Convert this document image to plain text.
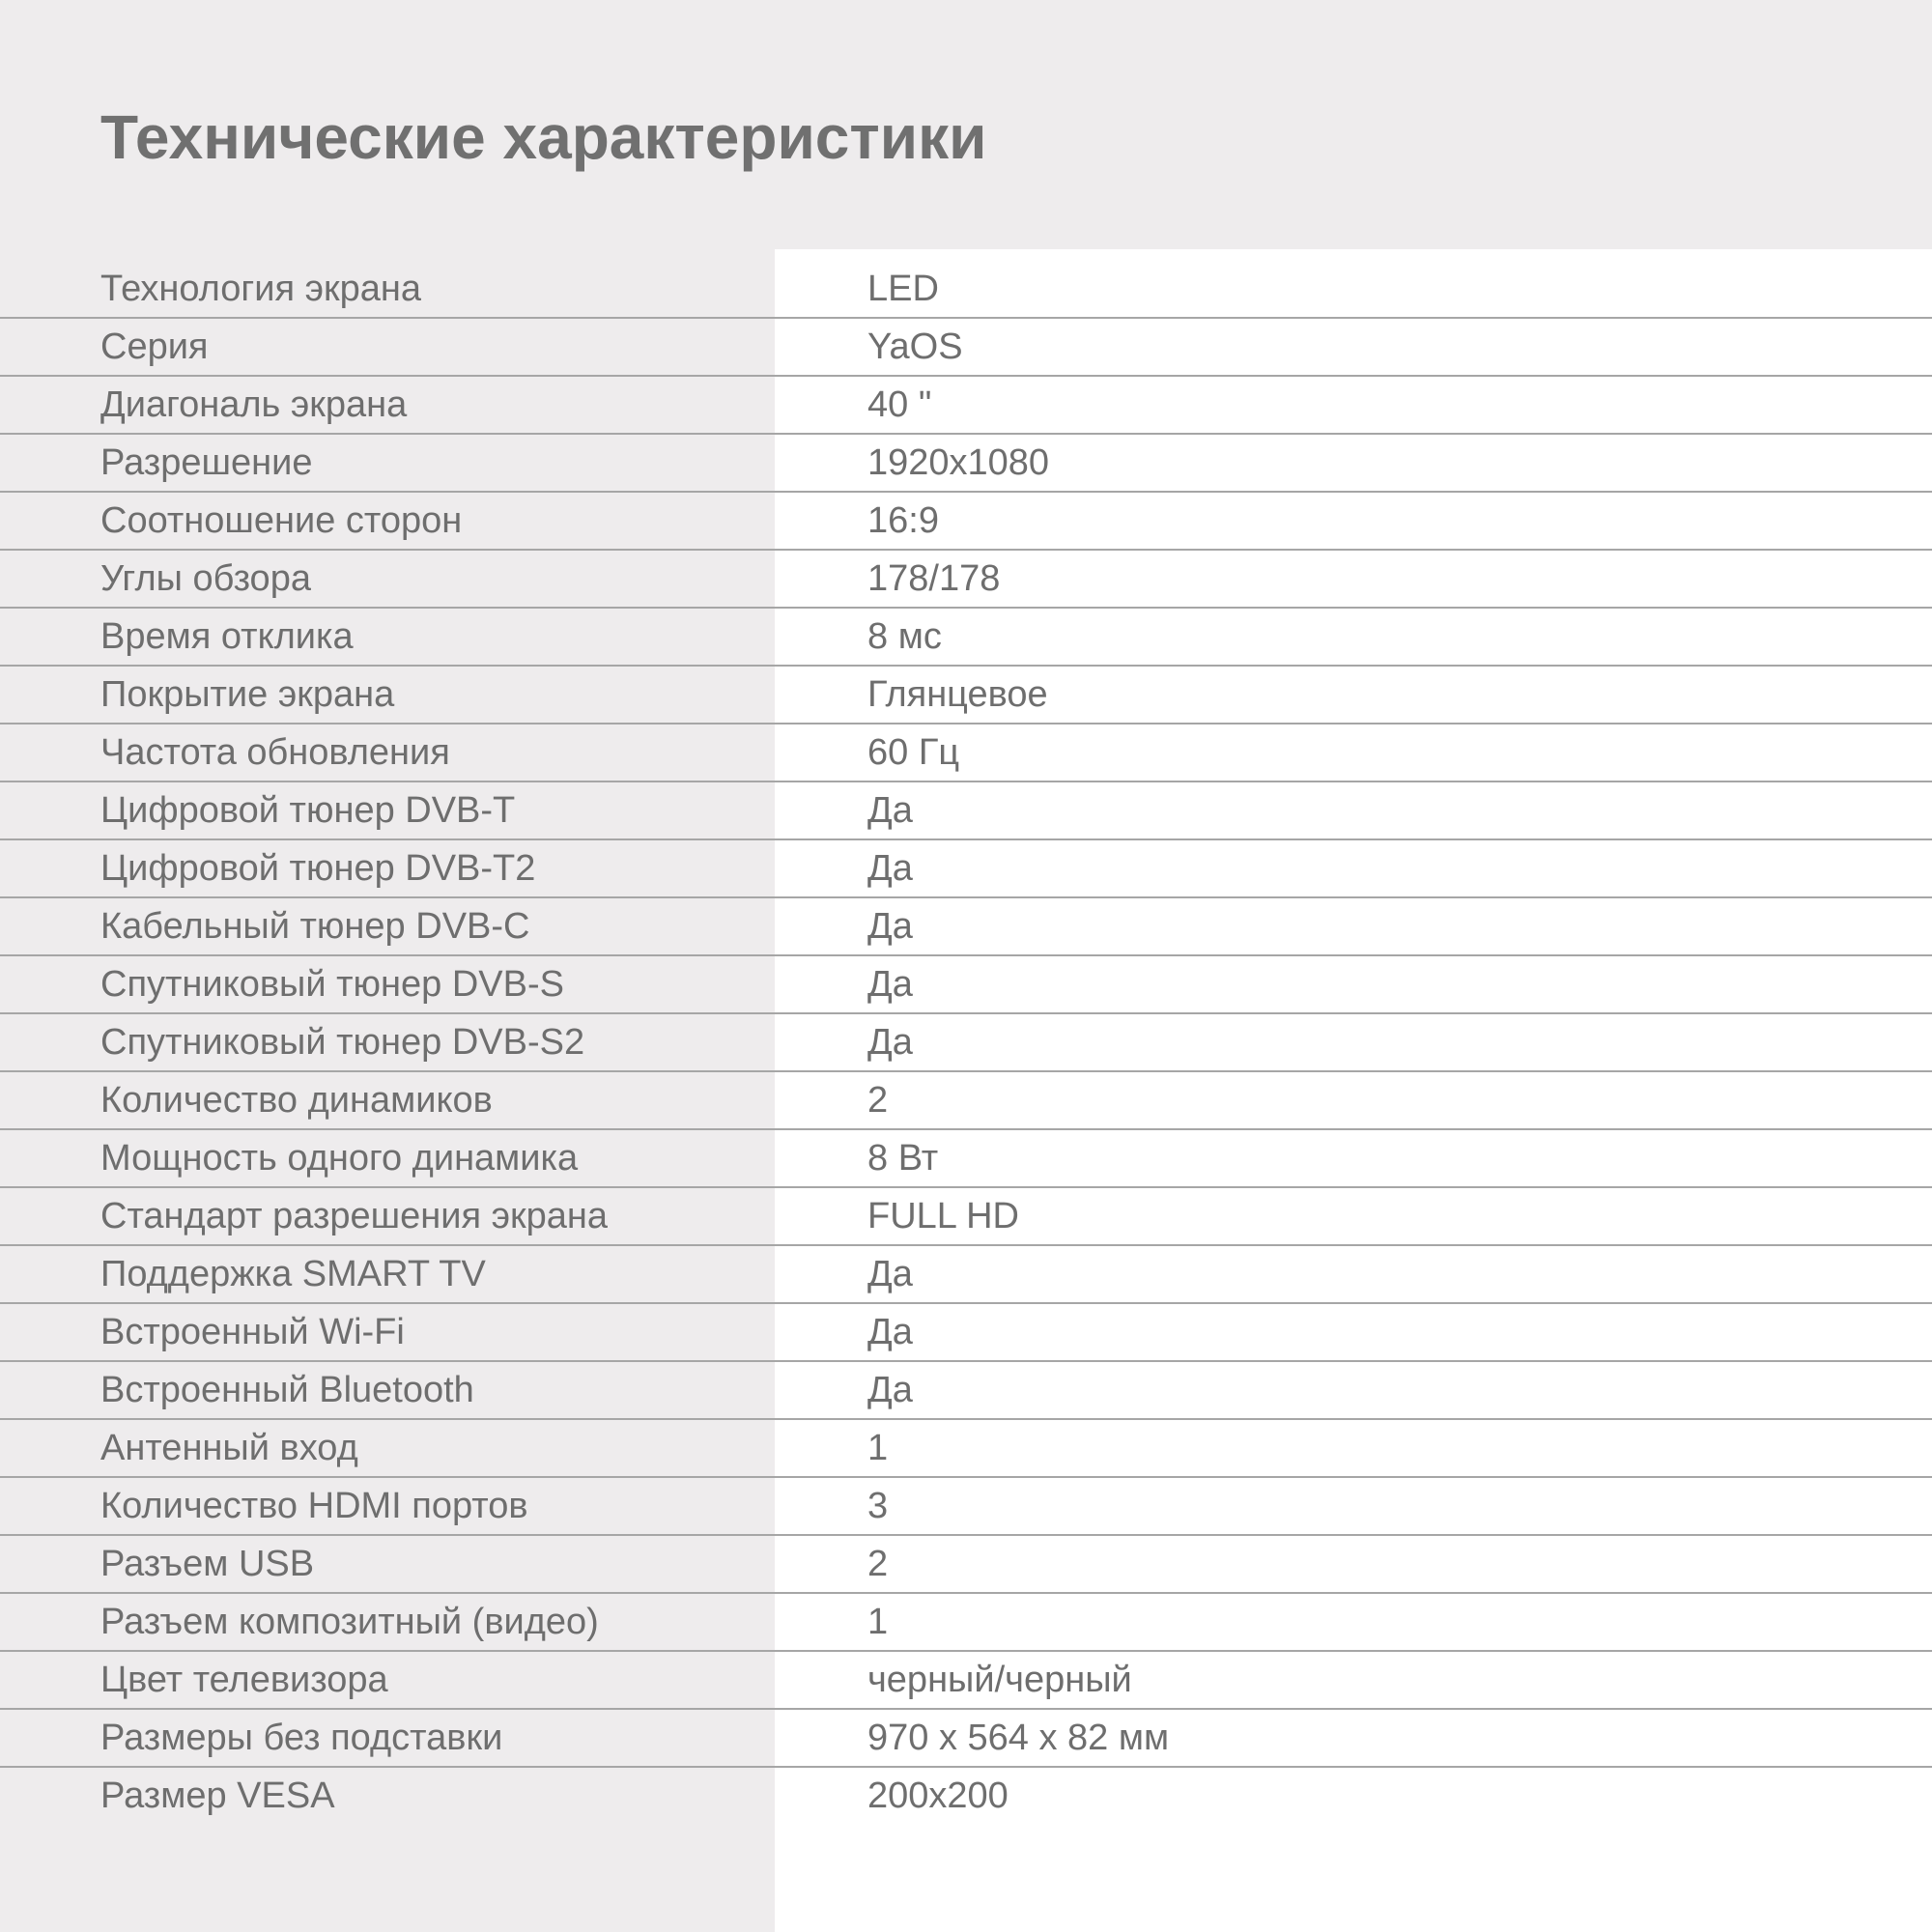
Технические характеристики
Технология экрана	LED
Серия	YaOS
Диагональ экрана	40 "
Разрешение	1920x1080
Соотношение сторон	16:9
Углы обзора	178/178
Время отклика	8 мс
Покрытие экрана	Глянцевое
Частота обновления	60 Гц
Цифровой тюнер DVB-T	Да
Цифровой тюнер DVB-T2	Да
Кабельный тюнер DVB-C	Да
Спутниковый тюнер DVB-S	Да
Спутниковый тюнер DVB-S2	Да
Количество динамиков	2
Мощность одного динамика	8 Вт
Стандарт разрешения экрана	FULL HD
Поддержка SMART TV	Да
Встроенный Wi-Fi	Да
Встроенный Bluetooth	Да
Антенный вход	1
Количество HDMI портов	3
Разъем USB	2
Разъем композитный (видео)	1
Цвет телевизора	черный/черный
Размеры без подставки	970 x 564 x 82 мм
Размер VESA	200x200
